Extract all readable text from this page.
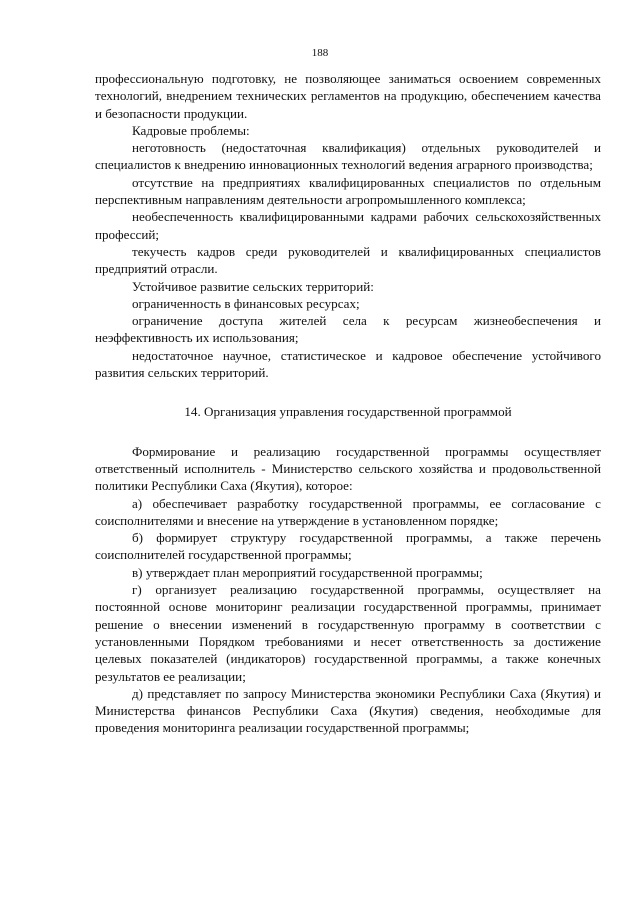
188

профессиональную подготовку, не позволяющее заниматься освоением современных технологий, внедрением технических регламентов на продукцию, обеспечением качества и безопасности продукции.

Кадровые проблемы:

неготовность (недостаточная квалификация) отдельных руководителей и специалистов к внедрению инновационных технологий ведения аграрного производства;

отсутствие на предприятиях квалифицированных специалистов по отдельным перспективным направлениям деятельности агропромышленного комплекса;

необеспеченность квалифицированными кадрами рабочих сельскохозяйственных профессий;

текучесть кадров среди руководителей и квалифицированных специалистов предприятий отрасли.

Устойчивое развитие сельских территорий:

ограниченность в финансовых ресурсах;

ограничение доступа жителей села к ресурсам жизнеобеспечения и неэффективность их использования;

недостаточное научное, статистическое и кадровое обеспечение устойчивого развития сельских территорий.

14. Организация управления государственной программой

Формирование и реализацию государственной программы осуществляет ответственный исполнитель - Министерство сельского хозяйства и продовольственной политики Республики Саха (Якутия), которое:

а) обеспечивает разработку государственной программы, ее согласование с соисполнителями и внесение на утверждение в установленном порядке;

б) формирует структуру государственной программы, а также перечень соисполнителей государственной программы;

в) утверждает план мероприятий государственной программы;

г) организует реализацию государственной программы, осуществляет на постоянной основе мониторинг реализации государственной программы, принимает решение о внесении изменений в государственную программу в соответствии с установленными Порядком требованиями и несет ответственность за достижение целевых показателей (индикаторов) государственной программы, а также конечных результатов ее реализации;

д) представляет по запросу Министерства экономики Республики Саха (Якутия) и Министерства финансов Республики Саха (Якутия) сведения, необходимые для проведения мониторинга реализации государственной программы;
